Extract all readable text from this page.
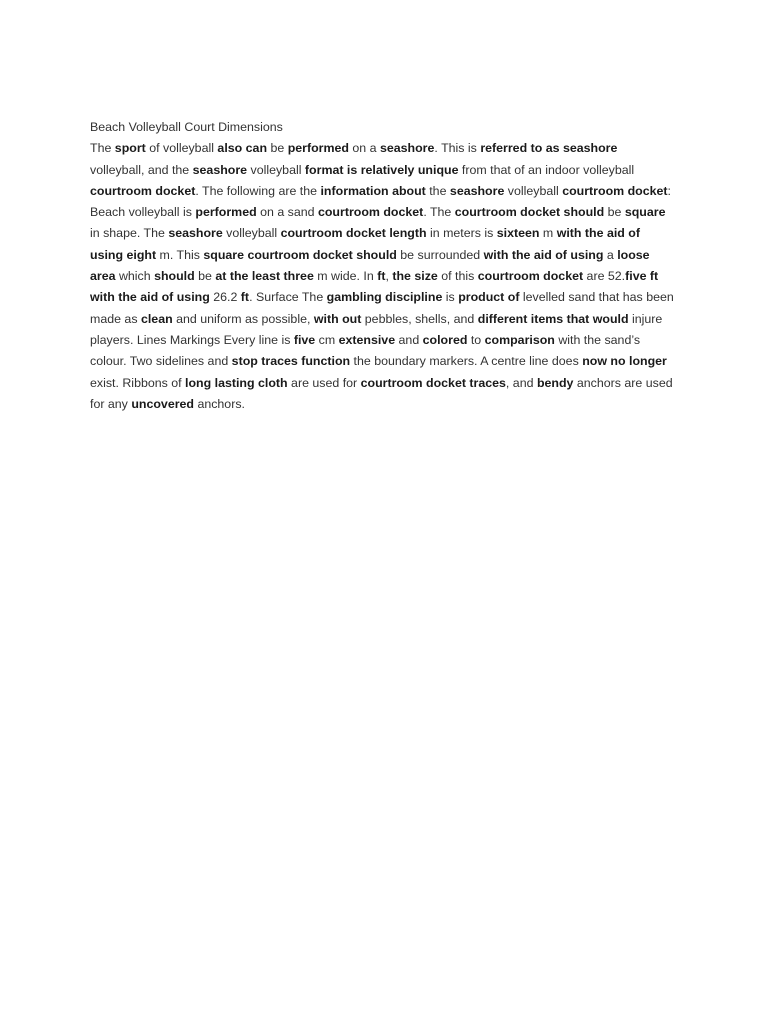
Beach Volleyball Court Dimensions

The sport of volleyball also can be performed on a seashore. This is referred to as seashore volleyball, and the seashore volleyball format is relatively unique from that of an indoor volleyball courtroom docket. The following are the information about the seashore volleyball courtroom docket: Beach volleyball is performed on a sand courtroom docket. The courtroom docket should be square in shape. The seashore volleyball courtroom docket length in meters is sixteen m with the aid of using eight m. This square courtroom docket should be surrounded with the aid of using a loose area which should be at the least three m wide. In ft, the size of this courtroom docket are 52.five ft with the aid of using 26.2 ft. Surface The gambling discipline is product of levelled sand that has been made as clean and uniform as possible, with out pebbles, shells, and different items that would injure players. Lines Markings Every line is five cm extensive and colored to comparison with the sand’s colour. Two sidelines and stop traces function the boundary markers. A centre line does now no longer exist. Ribbons of long lasting cloth are used for courtroom docket traces, and bendy anchors are used for any uncovered anchors.
